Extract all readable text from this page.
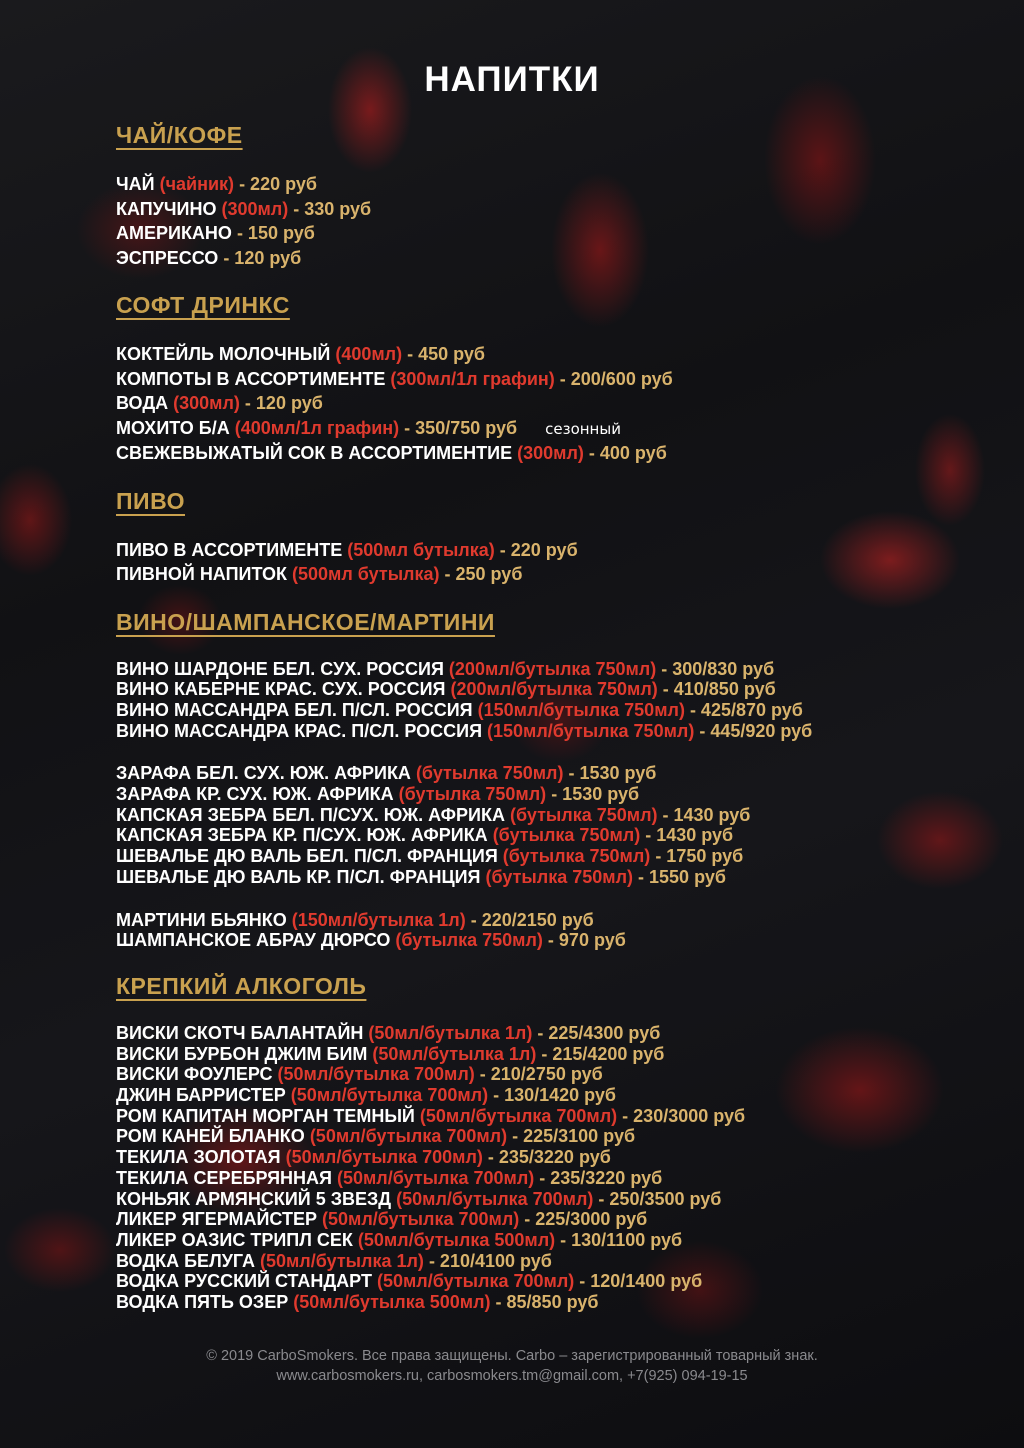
НАПИТКИ
ЧАЙ/КОФЕ
ЧАЙ (чайник) - 220 руб
КАПУЧИНО (300мл) - 330 руб
АМЕРИКАНО - 150 руб
ЭСПРЕССО - 120 руб
СОФТ ДРИНКС
КОКТЕЙЛЬ МОЛОЧНЫЙ (400мл) - 450 руб
КОМПОТЫ В АССОРТИМЕНТЕ (300мл/1л графин) - 200/600 руб
ВОДА (300мл) - 120 руб
МОХИТО Б/А (400мл/1л графин) - 350/750 руб сезонный
СВЕЖЕВЫЖАТЫЙ СОК В АССОРТИМЕНТИЕ (300мл) - 400 руб
ПИВО
ПИВО В АССОРТИМЕНТЕ (500мл бутылка) - 220 руб
ПИВНОЙ НАПИТОК (500мл бутылка) - 250 руб
ВИНО/ШАМПАНСКОЕ/МАРТИНИ
ВИНО ШАРДОНЕ БЕЛ. СУХ. РОССИЯ (200мл/бутылка 750мл) - 300/830 руб
ВИНО КАБЕРНЕ КРАС. СУХ. РОССИЯ (200мл/бутылка 750мл) - 410/850 руб
ВИНО МАССАНДРА БЕЛ. П/СЛ. РОССИЯ (150мл/бутылка 750мл) - 425/870 руб
ВИНО МАССАНДРА КРАС. П/СЛ. РОССИЯ (150мл/бутылка 750мл) - 445/920 руб
ЗАРАФА БЕЛ. СУХ. ЮЖ. АФРИКА (бутылка 750мл) - 1530 руб
ЗАРАФА КР. СУХ. ЮЖ. АФРИКА (бутылка 750мл) - 1530 руб
КАПСКАЯ ЗЕБРА БЕЛ. П/СУХ. ЮЖ. АФРИКА (бутылка 750мл) - 1430 руб
КАПСКАЯ ЗЕБРА КР. П/СУХ. ЮЖ. АФРИКА (бутылка 750мл) - 1430 руб
ШЕВАЛЬЕ ДЮ ВАЛЬ БЕЛ. П/СЛ. ФРАНЦИЯ (бутылка 750мл) - 1750 руб
ШЕВАЛЬЕ ДЮ ВАЛЬ КР. П/СЛ. ФРАНЦИЯ (бутылка 750мл) - 1550 руб
МАРТИНИ БЬЯНКО (150мл/бутылка 1л) - 220/2150 руб
ШАМПАНСКОЕ АБРАУ ДЮРСО (бутылка 750мл) - 970 руб
КРЕПКИЙ АЛКОГОЛЬ
ВИСКИ СКОТЧ БАЛАНТАЙН (50мл/бутылка 1л) - 225/4300 руб
ВИСКИ БУРБОН ДЖИМ БИМ (50мл/бутылка 1л) - 215/4200 руб
ВИСКИ ФОУЛЕРС (50мл/бутылка 700мл) - 210/2750 руб
ДЖИН БАРРИСТЕР (50мл/бутылка 700мл) - 130/1420 руб
РОМ КАПИТАН МОРГАН ТЕМНЫЙ (50мл/бутылка 700мл) - 230/3000 руб
РОМ КАНЕЙ БЛАНКО (50мл/бутылка 700мл) - 225/3100 руб
ТЕКИЛА ЗОЛОТАЯ (50мл/бутылка 700мл) - 235/3220 руб
ТЕКИЛА СЕРЕБРЯННАЯ (50мл/бутылка 700мл) - 235/3220 руб
КОНЬЯК АРМЯНСКИЙ 5 ЗВЕЗД (50мл/бутылка 700мл) - 250/3500 руб
ЛИКЕР ЯГЕРМАЙСТЕР (50мл/бутылка 700мл) - 225/3000 руб
ЛИКЕР ОАЗИС ТРИПЛ СЕК (50мл/бутылка 500мл) - 130/1100 руб
ВОДКА БЕЛУГА (50мл/бутылка 1л) - 210/4100 руб
ВОДКА РУССКИЙ СТАНДАРТ (50мл/бутылка 700мл) - 120/1400 руб
ВОДКА ПЯТЬ ОЗЕР (50мл/бутылка 500мл) - 85/850 руб
© 2019 CarboSmokers. Все права защищены. Carbo – зарегистрированный товарный знак.
www.carbosmokers.ru, carbosmokers.tm@gmail.com, +7(925) 094-19-15
